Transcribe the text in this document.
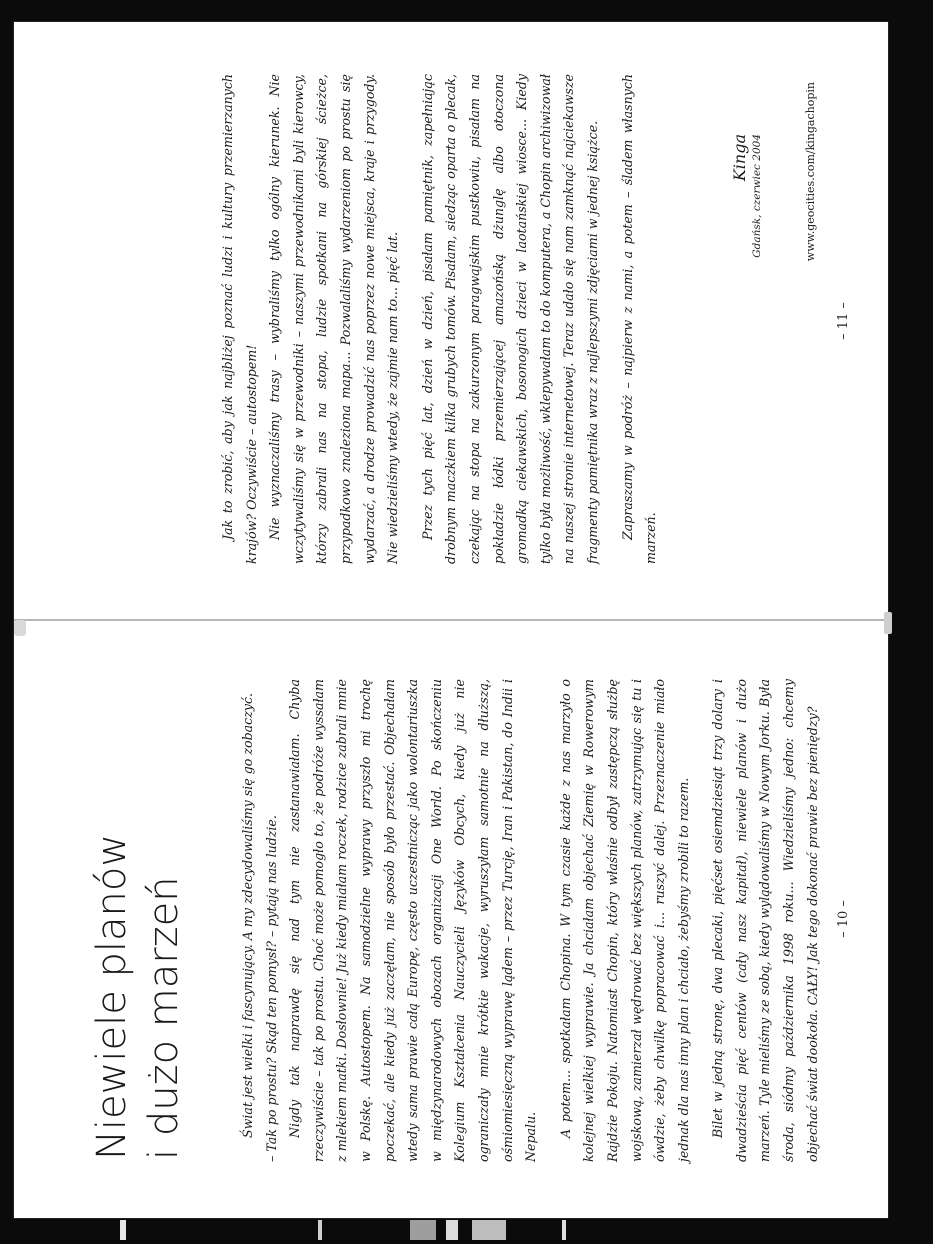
Niewiele planów i dużo marzeń	Świat jest wielki i fascynujący. A my zdecydowaliśmy się go zobaczyć. – Tak po prostu? Skąd ten pomysł? – pytają nas ludzie. Nigdy tak naprawdę się nad tym nie zastanawiałam. Chyba rzeczywiście – tak po prostu. Choć może pomogło to, że podróże wyssałam z mlekiem matki. Dosłownie! Już kiedy miałam roczek, rodzice zabrali mnie w Polskę. Autostopem. Na samodzielne wyprawy przyszło mi trochę poczekać, ale kiedy już zaczęłam, nie sposób było przestać. Objechałam wtedy sama prawie całą Europę, często uczestnicząc jako wolontariuszka w międzynarodowych obozach organizacji One World. Po skończeniu Kolegium Kształcenia Nauczycieli Języków Obcych, kiedy już nie ograniczały mnie krótkie wakacje, wyruszyłam samotnie na dłuższą, ośmiomiesięczną wyprawę lądem – przez Turcję, Iran i Pakistan, do Indii i Nepalu.	A potem... spotkałam Chopina. W tym czasie każde z nas marzyło o kolejnej wielkiej wyprawie. Ja chciałam objechać Ziemię w Rowerowym Rajdzie Pokoju. Natomiast Chopin, który właśnie odbył zastępczą służbę wojskową, zamierzał wędrować bez większych planów, zatrzymując się tu i ówdzie, żeby chwilkę popracować i... ruszyć dalej. Przeznaczenie miało jednak dla nas inny plan i chciało, żebyśmy zrobili to razem.	Bilet w jedną stronę, dwa plecaki, pięćset osiemdziesiąt trzy dolary i dwadzieścia pięć centów (cały nasz kapitał), niewiele planów i dużo marzeń. Tyle mieliśmy ze sobą, kiedy wylądowaliśmy w Nowym Jorku. Była środa, siódmy października 1998 roku... Wiedzieliśmy jedno: chcemy objechać świat dookoła. CAŁY! Jak tego dokonać prawie bez pieniędzy?	– 10 –

Jak to zrobić, aby jak najbliżej poznać ludzi i kultury przemierzanych krajów? Oczywiście – autostopem! Nie wyznaczaliśmy trasy – wybraliśmy tylko ogólny kierunek. Nie wczytywaliśmy się w przewodniki – naszymi przewodnikami byli kierowcy, którzy zabrali nas na stopa, ludzie spotkani na górskiej ścieżce, przypadkowo znaleziona mapa... Pozwalaliśmy wydarzeniom po prostu się wydarzać, a drodze prowadzić nas poprzez nowe miejsca, kraje i przygody. Nie wiedzieliśmy wtedy, że zajmie nam to... pięć lat.	Przez tych pięć lat, dzień w dzień, pisałam pamiętnik, zapełniając drobnym maczkiem kilka grubych tomów. Pisałam, siedząc oparta o plecak, czekając na stopa na zakurzonym paragwajskim pustkowiu, pisałam na pokładzie łódki przemierzającej amazońską dżunglę albo otoczona gromadką ciekawskich, bosonogich dzieci w laotańskiej wiosce... Kiedy tylko była możliwość, wklepywałam to do komputera, a Chopin archiwizował na naszej stronie internetowej. Teraz udało się nam zamknąć najciekawsze fragmenty pamiętnika wraz z najlepszymi zdjęciami w jednej książce.	Zapraszamy w podróż – najpierw z nami, a potem – śladem własnych marzeń.

Kinga Gdańsk, czerwiec 2004	www.geocities.com/kingachopin
– 11 –
